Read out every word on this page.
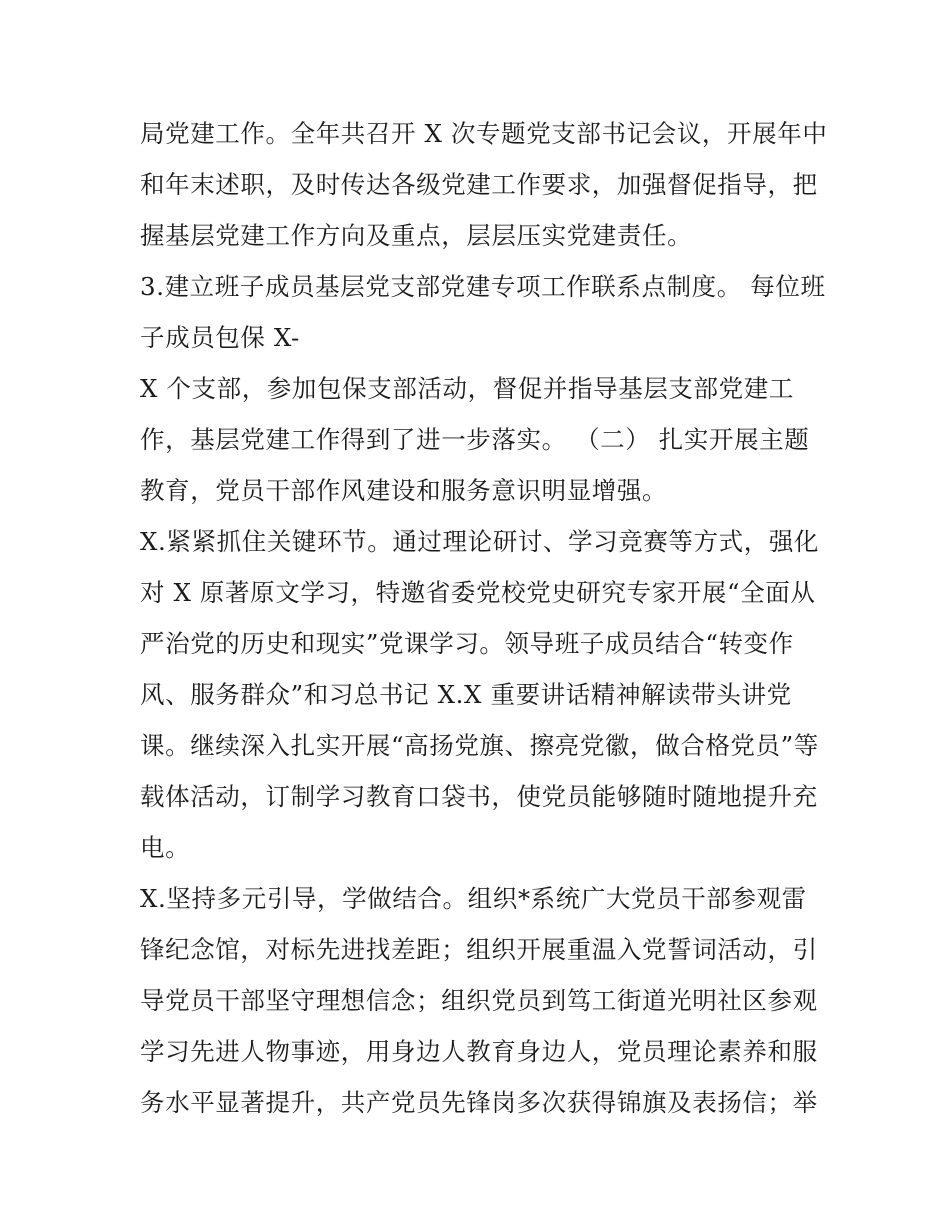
局党建工作。全年共召开 X 次专题党支部书记会议，开展年中
和年末述职，及时传达各级党建工作要求，加强督促指导，把
握基层党建工作方向及重点，层层压实党建责任。
3.建立班子成员基层党支部党建专项工作联系点制度。 每位班
子成员包保 X-
X 个支部，参加包保支部活动，督促并指导基层支部党建工
作，基层党建工作得到了进一步落实。 （二） 扎实开展主题
教育，党员干部作风建设和服务意识明显增强。
X.紧紧抓住关键环节。通过理论研讨、学习竞赛等方式，强化
对 X 原著原文学习，特邀省委党校党史研究专家开展“全面从
严治党的历史和现实”党课学习。领导班子成员结合“转变作
风、服务群众”和习总书记 X.X 重要讲话精神解读带头讲党
课。继续深入扎实开展“高扬党旗、擦亮党徽，做合格党员”等
载体活动，订制学习教育口袋书，使党员能够随时随地提升充
电。
X.坚持多元引导，学做结合。组织*系统广大党员干部参观雷
锋纪念馆，对标先进找差距；组织开展重温入党誓词活动，引
导党员干部坚守理想信念；组织党员到笃工街道光明社区参观
学习先进人物事迹，用身边人教育身边人，党员理论素养和服
务水平显著提升，共产党员先锋岗多次获得锦旗及表扬信；举
